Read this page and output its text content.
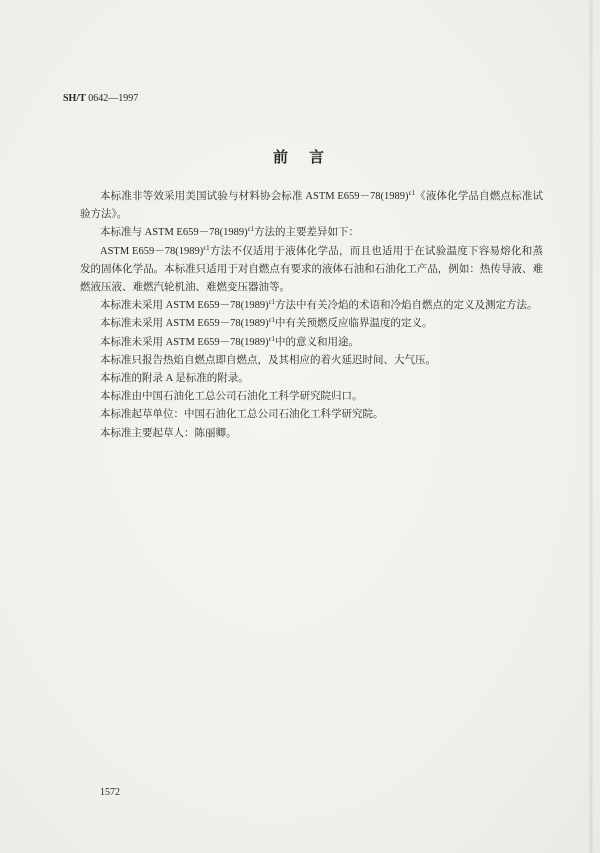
SH/T 0642—1997
前　言

本标准非等效采用美国试验与材料协会标准 ASTM $E659-78(1989)^{\varepsilon 1}$《液体化学品自燃点标准试验方法》。

本标准与 ASTM $E659-78(1989)^{\varepsilon 1}$方法的主要差异如下：

ASTM $E659-78(1989)^{\varepsilon 1}$方法不仅适用于液体化学品，而且也适用于在试验温度下容易熔化和蒸发的固体化学品。本标准只适用于对自燃点有要求的液体石油和石油化工产品，例如：热传导液、难燃液压液、难燃汽轮机油、难燃变压器油等。

本标准未采用 ASTM $E659-78(1989)^{\varepsilon 1}$方法中有关冷焰的术语和冷焰自燃点的定义及测定方法。

本标准未采用 ASTM $E659-78(1989)^{\varepsilon 1}$中有关预燃反应临界温度的定义。

本标准未采用 ASTM $E659-78(1989)^{\varepsilon 1}$中的意义和用途。

本标准只报告热焰自燃点即自燃点，及其相应的着火延迟时间、大气压。

本标准的附录 A 是标准的附录。

本标准由中国石油化工总公司石油化工科学研究院归口。

本标准起草单位：中国石油化工总公司石油化工科学研究院。

本标准主要起草人：陈丽卿。

1572
